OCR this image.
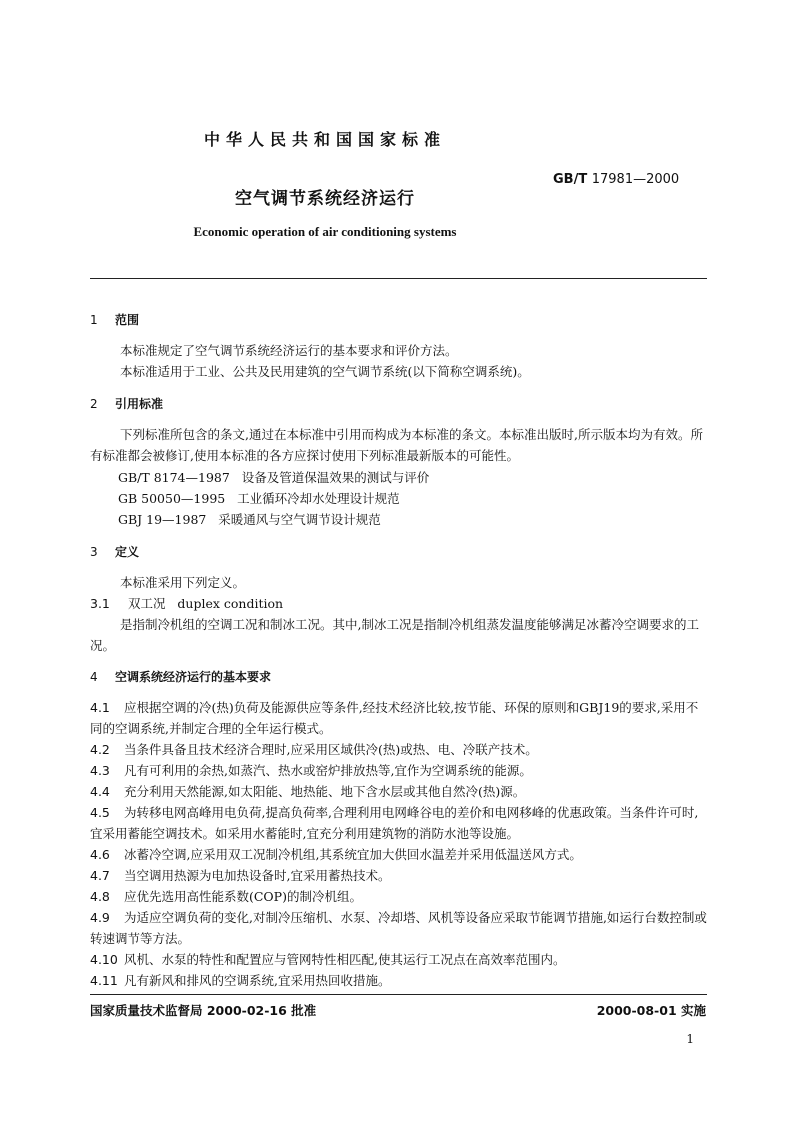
中华人民共和国国家标准
GB/T 17981—2000
空气调节系统经济运行
Economic operation of air conditioning systems
1 范围
本标准规定了空气调节系统经济运行的基本要求和评价方法。
本标准适用于工业、公共及民用建筑的空气调节系统(以下简称空调系统)。
2 引用标准
下列标准所包含的条文,通过在本标准中引用而构成为本标准的条文。本标准出版时,所示版本均为有效。所有标准都会被修订,使用本标准的各方应探讨使用下列标准最新版本的可能性。
GB/T 8174—1987 设备及管道保温效果的测试与评价
GB 50050—1995 工业循环冷却水处理设计规范
GBJ 19—1987 采暖通风与空气调节设计规范
3 定义
本标准采用下列定义。
3.1 双工况 duplex condition
是指制冷机组的空调工况和制冰工况。其中,制冰工况是指制冷机组蒸发温度能够满足冰蓄冷空调要求的工况。
4 空调系统经济运行的基本要求
4.1 应根据空调的冷(热)负荷及能源供应等条件,经技术经济比较,按节能、环保的原则和GBJ19的要求,采用不同的空调系统,并制定合理的全年运行模式。
4.2 当条件具备且技术经济合理时,应采用区域供冷(热)或热、电、冷联产技术。
4.3 凡有可利用的余热,如蒸汽、热水或窑炉排放热等,宜作为空调系统的能源。
4.4 充分利用天然能源,如太阳能、地热能、地下含水层或其他自然冷(热)源。
4.5 为转移电网高峰用电负荷,提高负荷率,合理利用电网峰谷电的差价和电网移峰的优惠政策。当条件许可时,宜采用蓄能空调技术。如采用水蓄能时,宜充分利用建筑物的消防水池等设施。
4.6 冰蓄冷空调,应采用双工况制冷机组,其系统宜加大供回水温差并采用低温送风方式。
4.7 当空调用热源为电加热设备时,宜采用蓄热技术。
4.8 应优先选用高性能系数(COP)的制冷机组。
4.9 为适应空调负荷的变化,对制冷压缩机、水泵、冷却塔、风机等设备应采取节能调节措施,如运行台数控制或转速调节等方法。
4.10 风机、水泵的特性和配置应与管网特性相匹配,使其运行工况点在高效率范围内。
4.11 凡有新风和排风的空调系统,宜采用热回收措施。
国家质量技术监督局 2000-02-16 批准	2000-08-01 实施
1
